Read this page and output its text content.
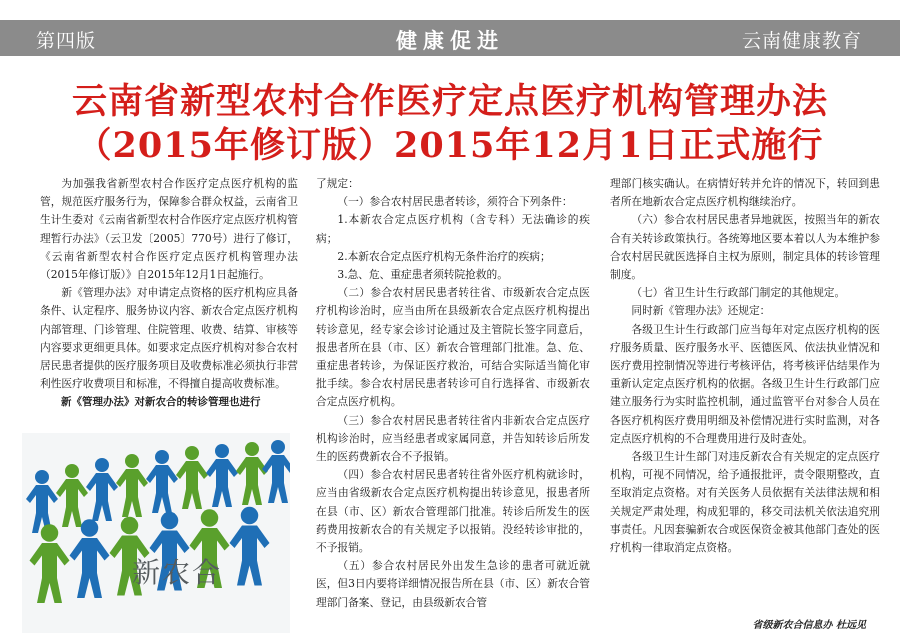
第四版	健康促进	云南健康教育
云南省新型农村合作医疗定点医疗机构管理办法
（2015年修订版）2015年12月1日正式施行

为加强我省新型农村合作医疗定点医疗机构的监管，规范医疗服务行为，保障参合群众权益，云南省卫生计生委对《云南省新型农村合作医疗定点医疗机构管理暂行办法》（云卫发〔2005〕770号）进行了修订，《云南省新型农村合作医疗定点医疗机构管理办法（2015年修订版）》自2015年12月1日起施行。

新《管理办法》对申请定点资格的医疗机构应具备条件、认定程序、服务协议内容、新农合定点医疗机构内部管理、门诊管理、住院管理、收费、结算、审核等内容要求更细更具体。如要求定点医疗机构对参合农村居民患者提供的医疗服务项目及收费标准必须执行非营利性医疗收费项目和标准，不得擅自提高收费标准。

新《管理办法》对新农合的转诊管理也进行

新农合

了规定：

（一）参合农村居民患者转诊，须符合下列条件：

1.本新农合定点医疗机构（含专科）无法确诊的疾病；

2.本新农合定点医疗机构无条件治疗的疾病；

3.急、危、重症患者须转院抢救的。

（二）参合农村居民患者转往省、市级新农合定点医疗机构诊治时，应当由所在县级新农合定点医疗机构提出转诊意见，经专家会诊讨论通过及主管院长签字同意后，报患者所在县（市、区）新农合管理部门批准。急、危、重症患者转诊，为保证医疗救治，可结合实际适当简化审批手续。参合农村居民患者转诊可自行选择省、市级新农合定点医疗机构。

（三）参合农村居民患者转往省内非新农合定点医疗机构诊治时，应当经患者或家属同意，并告知转诊后所发生的医药费新农合不予报销。

（四）参合农村居民患者转往省外医疗机构就诊时，应当由省级新农合定点医疗机构提出转诊意见，报患者所在县（市、区）新农合管理部门批准。转诊后所发生的医药费用按新农合的有关规定予以报销。没经转诊审批的，不予报销。

（五）参合农村居民外出发生急诊的患者可就近就医，但3日内要将详细情况报告所在县（市、区）新农合管理部门备案、登记，由县级新农合管

理部门核实确认。在病情好转并允许的情况下，转回到患者所在地新农合定点医疗机构继续治疗。

（六）参合农村居民患者异地就医，按照当年的新农合有关转诊政策执行。各统筹地区要本着以人为本维护参合农村居民就医选择自主权为原则，制定具体的转诊管理制度。

（七）省卫生计生行政部门制定的其他规定。

同时新《管理办法》还规定：

各级卫生计生行政部门应当每年对定点医疗机构的医疗服务质量、医疗服务水平、医德医风、依法执业情况和医疗费用控制情况等进行考核评估，将考核评估结果作为重新认定定点医疗机构的依据。各级卫生计生行政部门应建立服务行为实时监控机制，通过监管平台对参合人员在各医疗机构医疗费用明细及补偿情况进行实时监测，对各定点医疗机构的不合理费用进行及时查处。

各级卫生计生部门对违反新农合有关规定的定点医疗机构，可视不同情况，给予通报批评，责令限期整改，直至取消定点资格。对有关医务人员依据有关法律法规和相关规定严肃处理，构成犯罪的，移交司法机关依法追究刑事责任。凡因套骗新农合或医保资金被其他部门查处的医疗机构一律取消定点资格。

省级新农合信息办 杜远见
